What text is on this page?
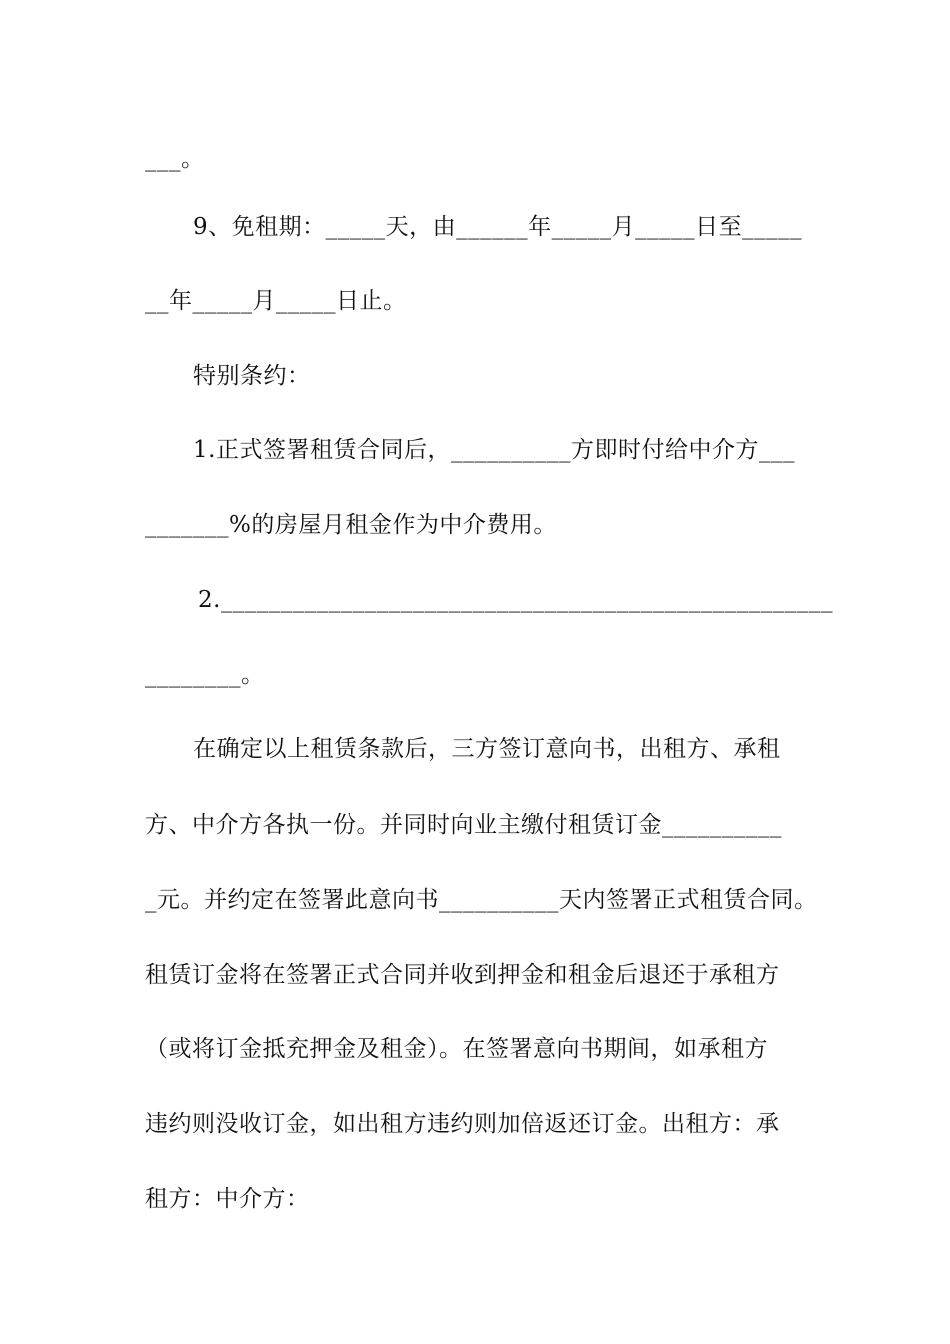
___。
9、免租期：_____天，由______年_____月_____日至_____
__年_____月_____日止。
特别条约：
1.正式签署租赁合同后，__________方即时付给中介方___
_______%的房屋月租金作为中介费用。
2.___________________________________________________
________。
在确定以上租赁条款后，三方签订意向书，出租方、承租
方、中介方各执一份。并同时向业主缴付租赁订金__________
_元。并约定在签署此意向书__________天内签署正式租赁合同。
租赁订金将在签署正式合同并收到押金和租金后退还于承租方
（或将订金抵充押金及租金）。在签署意向书期间，如承租方
违约则没收订金，如出租方违约则加倍返还订金。出租方：承
租方：中介方：
